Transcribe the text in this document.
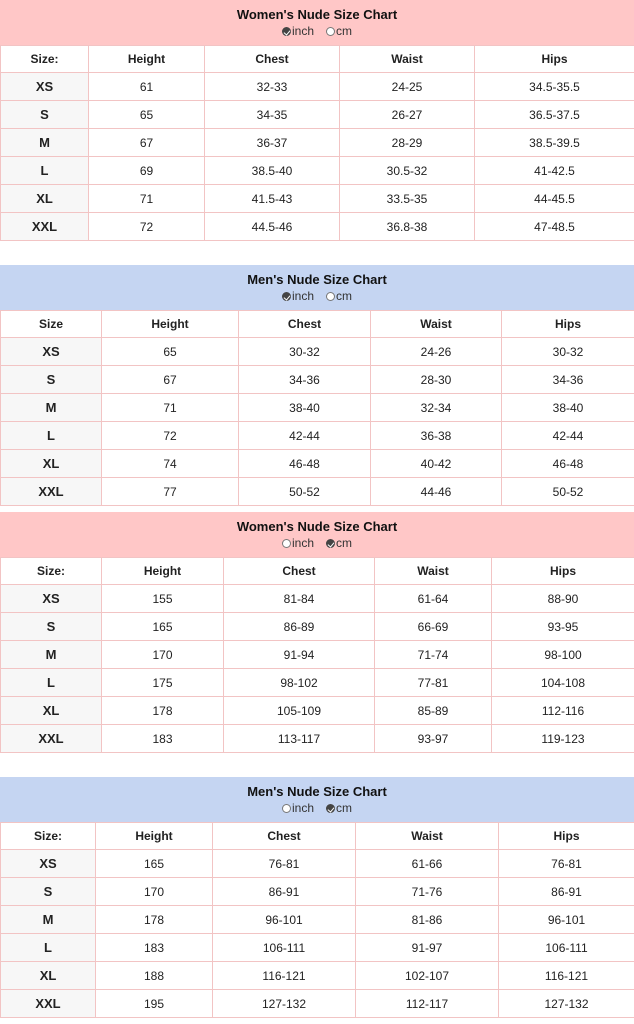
Women's Nude Size Chart
inch cm
Size:	Height	Chest	Waist	Hips
XS	61	32-33	24-25	34.5-35.5
S	65	34-35	26-27	36.5-37.5
M	67	36-37	28-29	38.5-39.5
L	69	38.5-40	30.5-32	41-42.5
XL	71	41.5-43	33.5-35	44-45.5
XXL	72	44.5-46	36.8-38	47-48.5
Men's Nude Size Chart
inch cm
Size	Height	Chest	Waist	Hips
XS	65	30-32	24-26	30-32
S	67	34-36	28-30	34-36
M	71	38-40	32-34	38-40
L	72	42-44	36-38	42-44
XL	74	46-48	40-42	46-48
XXL	77	50-52	44-46	50-52
Women's Nude Size Chart
inch cm
Size:	Height	Chest	Waist	Hips
XS	155	81-84	61-64	88-90
S	165	86-89	66-69	93-95
M	170	91-94	71-74	98-100
L	175	98-102	77-81	104-108
XL	178	105-109	85-89	112-116
XXL	183	113-117	93-97	119-123
Men's Nude Size Chart
inch cm
Size:	Height	Chest	Waist	Hips
XS	165	76-81	61-66	76-81
S	170	86-91	71-76	86-91
M	178	96-101	81-86	96-101
L	183	106-111	91-97	106-111
XL	188	116-121	102-107	116-121
XXL	195	127-132	112-117	127-132
